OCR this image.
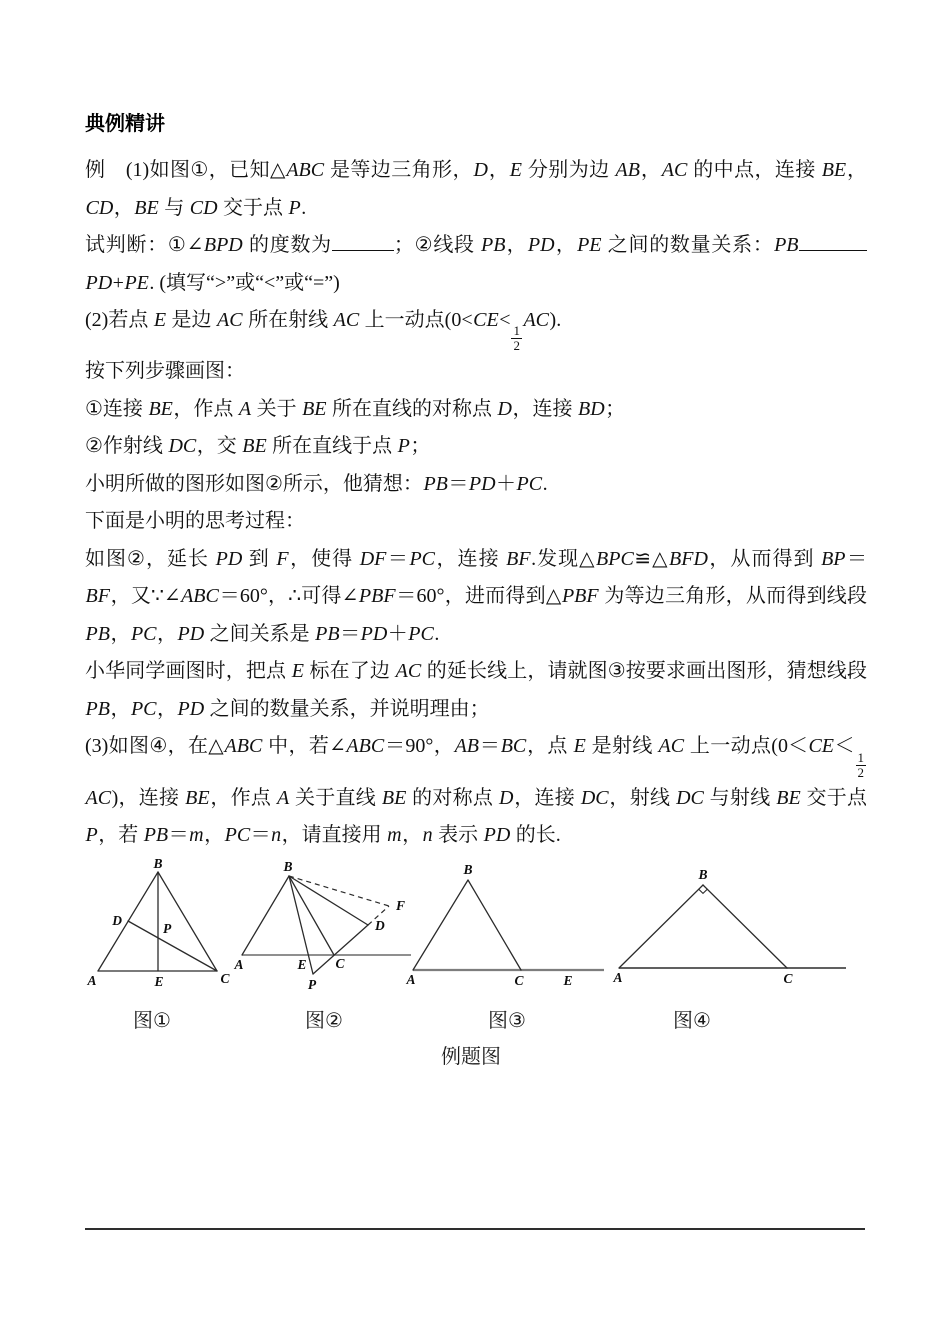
典例精讲

例　(1)如图①，已知△ABC 是等边三角形，D，E 分别为边 AB，AC 的中点，连接 BE，CD，BE 与 CD 交于点 P.

试判断：①∠BPD 的度数为	；②线段 PB，PD，PE 之间的数量关系：PBPD+PE. (填写“>”或“<”或“=”)

(2)若点 E 是边 AC 所在射线 AC 上一动点(0<CE<
$\frac{1}{2}$
AC).

按下列步骤画图：

①连接 BE，作点 A 关于 BE 所在直线的对称点 D，连接 BD；

②作射线 DC，交 BE 所在直线于点 P；

小明所做的图形如图②所示，他猜想：PB＝PD＋PC.

下面是小明的思考过程：

如图②，延长 PD 到 F，使得 DF＝PC，连接 BF.发现△BPC≌△BFD，从而得到 BP＝BF，又∵∠ABC＝60°，∴可得∠PBF＝60°，进而得到△PBF 为等边三角形，从而得到线段 PB，PC，PD 之间关系是 PB＝PD＋PC.

小华同学画图时，把点 E 标在了边 AC 的延长线上，请就图③按要求画出图形，猜想线段 PB，PC，PD 之间的数量关系，并说明理由；

(3)如图④，在△ABC 中，若∠ABC＝90°，AB＝BC，点 E 是射线 AC 上一动点(0＜CE＜
$\frac{1}{2}$
AC)，连接 BE，作点 A 关于直线 BE 的对称点 D，连接 DC，射线 DC 与射线 BE 交于点 P，若 PB＝m，PC＝n，请直接用 m，n 表示 PD 的长.

B
A	C
D
E
P
B
A	E C
P
D
F
B
A	C	E
B
A	C
图①	图②	图③	图④
例题图
